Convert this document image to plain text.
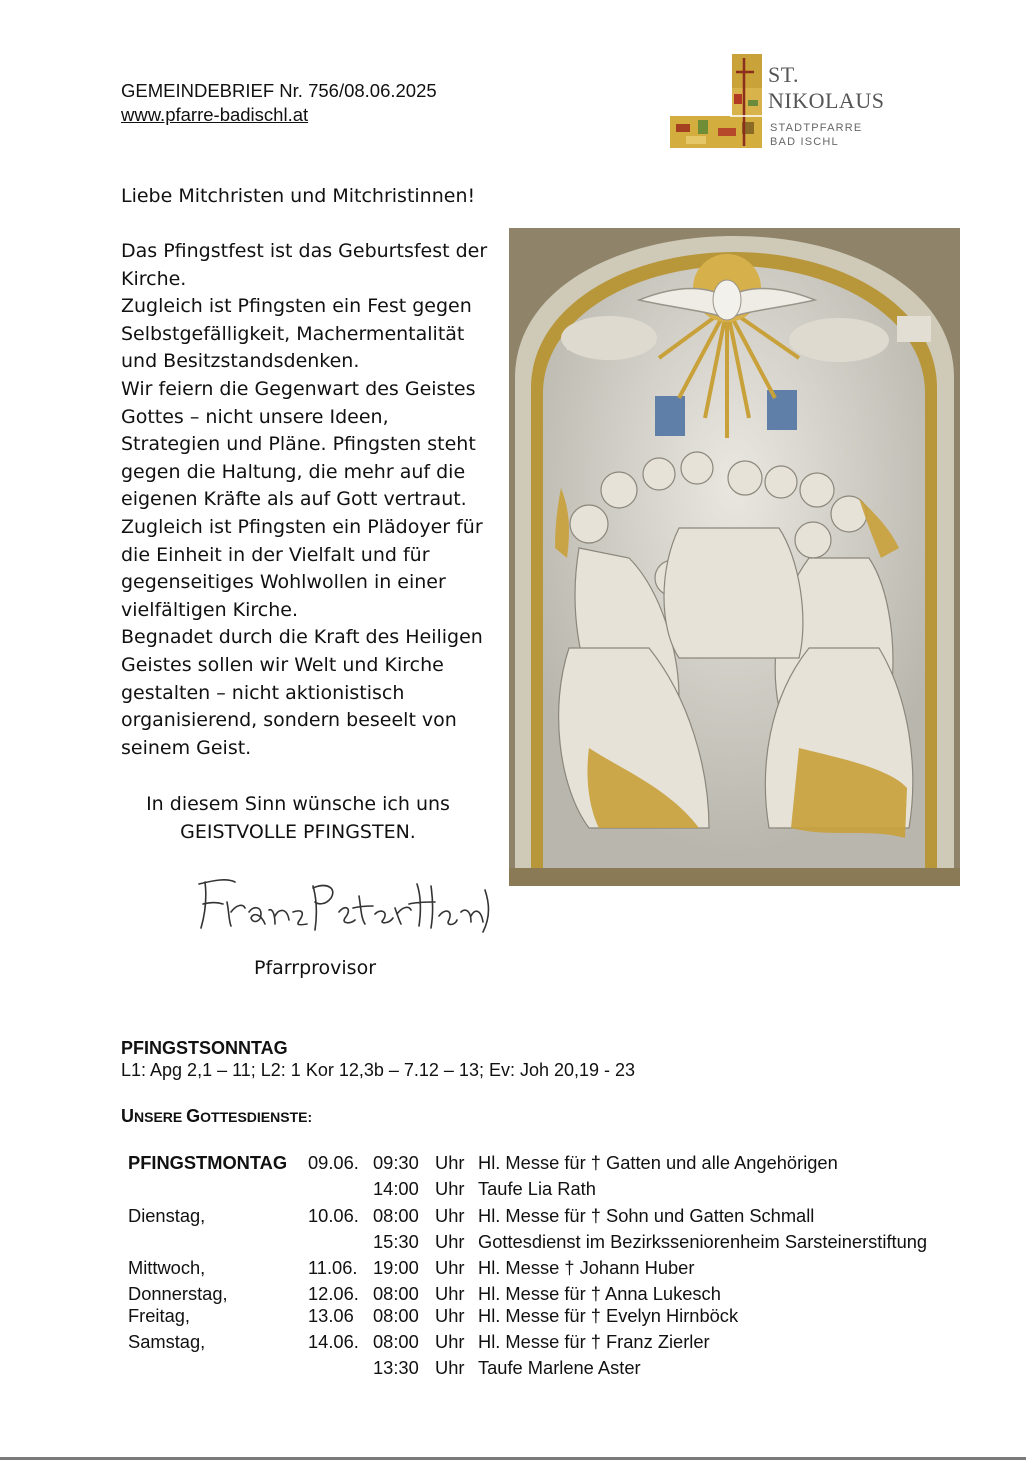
GEMEINDEBRIEF Nr. 756/08.06.2025
www.pfarre-badischl.at
ST.
NIKOLAUS
STADTPFARRE
BAD ISCHL
Liebe Mitchristen und Mitchristinnen!

Das Pfingstfest ist das Geburtsfest der

Kirche.

Zugleich ist Pfingsten ein Fest gegen

Selbstgefälligkeit, Machermentalität

und Besitzstandsdenken.

Wir feiern die Gegenwart des Geistes

Gottes – nicht unsere Ideen,

Strategien und Pläne. Pfingsten steht

gegen die Haltung, die mehr auf die

eigenen Kräfte als auf Gott vertraut.

Zugleich ist Pfingsten ein Plädoyer für

die Einheit in der Vielfalt und für

gegenseitiges Wohlwollen in einer

vielfältigen Kirche.

Begnadet durch die Kraft des Heiligen

Geistes sollen wir Welt und Kirche

gestalten – nicht aktionistisch

organisierend, sondern beseelt von

seinem Geist.

In diesem Sinn wünsche ich uns
GEISTVOLLE PFINGSTEN.
Pfarrprovisor
PFINGSTSONNTAG
L1: Apg 2,1 – 11; L2: 1 Kor 12,3b – 7.12 – 13; Ev: Joh 20,19 - 23
UNSERE GOTTESDIENSTE:
PFINGSTMONTAG 09.06. 09:30 Uhr Hl. Messe für † Gatten und alle Angehörigen
14:00 Uhr Taufe Lia Rath
Dienstag,	10.06. 08:00 Uhr Hl. Messe für † Sohn und Gatten Schmall
15:30 Uhr Gottesdienst im Bezirksseniorenheim Sarsteinerstiftung
Mittwoch,	11.06. 19:00 Uhr Hl. Messe † Johann Huber
Donnerstag,	12.06. 08:00 Uhr Hl. Messe für † Anna Lukesch
Freitag,	13.06 08:00 Uhr Hl. Messe für † Evelyn Hirnböck
Samstag,	14.06. 08:00 Uhr Hl. Messe für † Franz Zierler
13:30 Uhr Taufe Marlene Aster
